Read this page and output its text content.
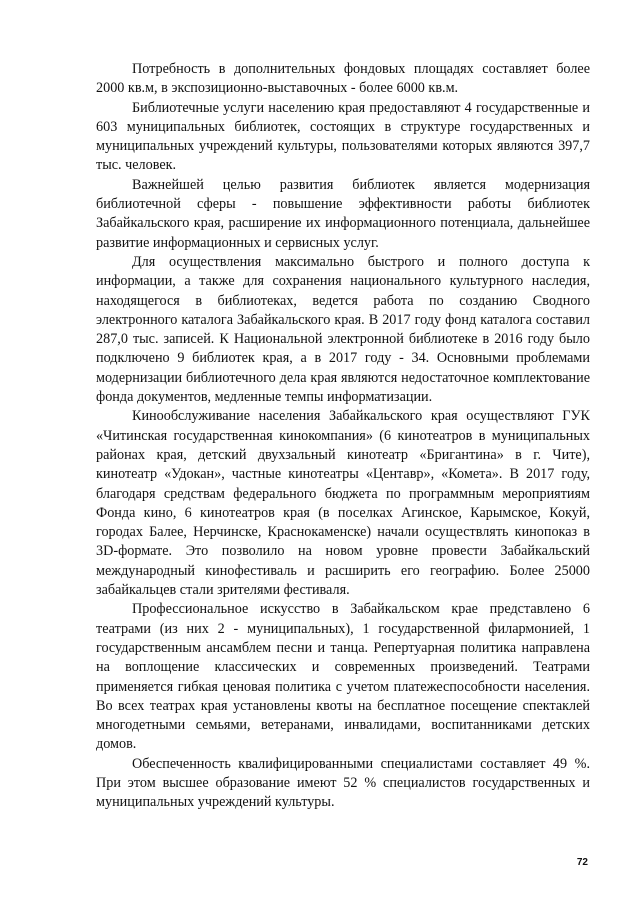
Потребность в дополнительных фондовых площадях составляет более 2000 кв.м, в экспозиционно-выставочных - более 6000 кв.м.

Библиотечные услуги населению края предоставляют 4 государственные и 603 муниципальных библиотек, состоящих в структуре государственных и муниципальных учреждений культуры, пользователями которых являются 397,7 тыс. человек.

Важнейшей целью развития библиотек является модернизация библиотечной сферы - повышение эффективности работы библиотек Забайкальского края, расширение их информационного потенциала, дальнейшее развитие информационных и сервисных услуг.

Для осуществления максимально быстрого и полного доступа к информации, а также для сохранения национального культурного наследия, находящегося в библиотеках, ведется работа по созданию Сводного электронного каталога Забайкальского края. В 2017 году фонд каталога составил 287,0 тыс. записей. К Национальной электронной библиотеке в 2016 году было подключено 9 библиотек края, а в 2017 году - 34. Основными проблемами модернизации библиотечного дела края являются недостаточное комплектование фонда документов, медленные темпы информатизации.

Кинообслуживание населения Забайкальского края осуществляют ГУК «Читинская государственная кинокомпания» (6 кинотеатров в муниципальных районах края, детский двухзальный кинотеатр «Бригантина» в г. Чите), кинотеатр «Удокан», частные кинотеатры «Центавр», «Комета». В 2017 году, благодаря средствам федерального бюджета по программным мероприятиям Фонда кино, 6 кинотеатров края (в поселках Агинское, Карымское, Кокуй, городах Балее, Нерчинске, Краснокаменске) начали осуществлять кинопоказ в 3D-формате. Это позволило на новом уровне провести Забайкальский международный кинофестиваль и расширить его географию. Более 25000 забайкальцев стали зрителями фестиваля.

Профессиональное искусство в Забайкальском крае представлено 6 театрами (из них 2 - муниципальных), 1 государственной филармонией, 1 государственным ансамблем песни и танца. Репертуарная политика направлена на воплощение классических и современных произведений. Театрами применяется гибкая ценовая политика с учетом платежеспособности населения. Во всех театрах края установлены квоты на бесплатное посещение спектаклей многодетными семьями, ветеранами, инвалидами, воспитанниками детских домов.

Обеспеченность квалифицированными специалистами составляет 49 %. При этом высшее образование имеют 52 % специалистов государственных и муниципальных учреждений культуры.

72
